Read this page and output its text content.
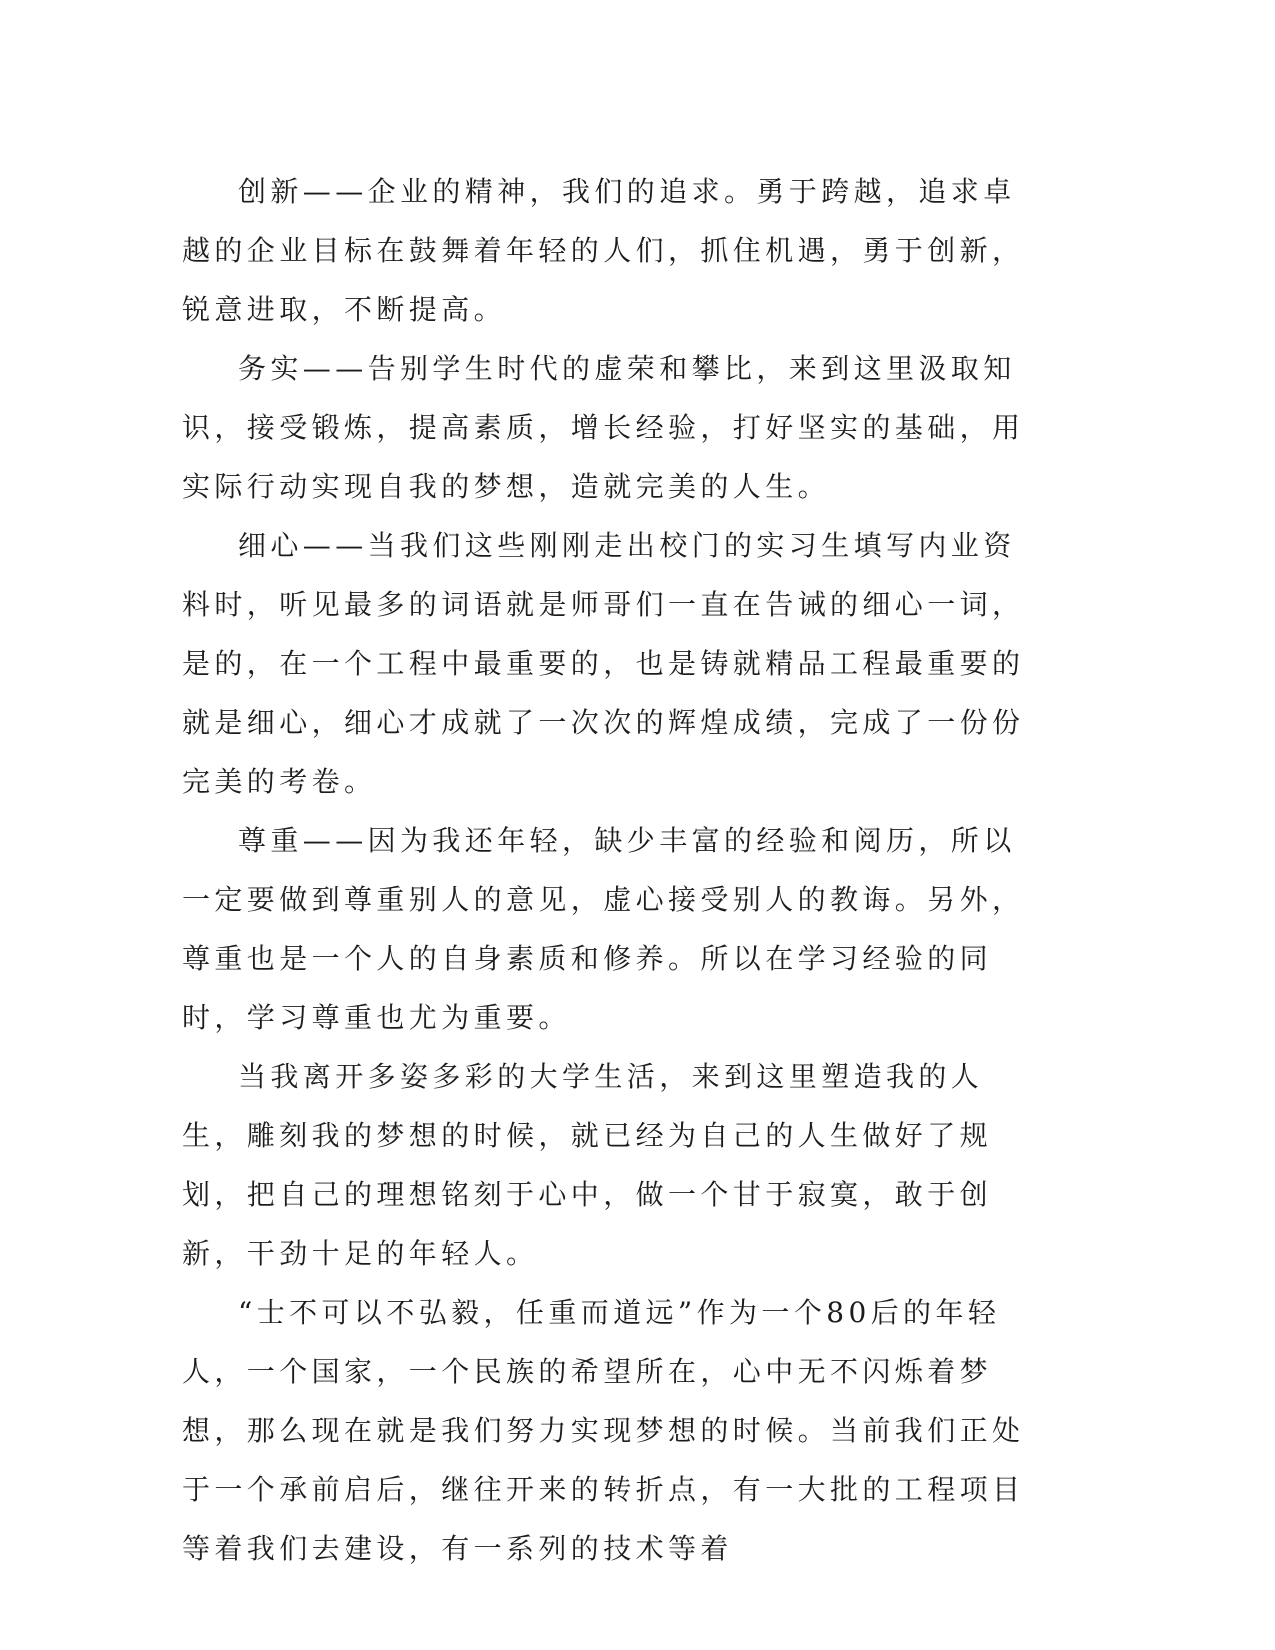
创新——企业的精神，我们的追求。勇于跨越，追求卓越的企业目标在鼓舞着年轻的人们，抓住机遇，勇于创新，锐意进取，不断提高。

务实——告别学生时代的虚荣和攀比，来到这里汲取知识，接受锻炼，提高素质，增长经验，打好坚实的基础，用实际行动实现自我的梦想，造就完美的人生。

细心——当我们这些刚刚走出校门的实习生填写内业资料时，听见最多的词语就是师哥们一直在告诫的细心一词，是的，在一个工程中最重要的，也是铸就精品工程最重要的就是细心，细心才成就了一次次的辉煌成绩，完成了一份份完美的考卷。

尊重——因为我还年轻，缺少丰富的经验和阅历，所以一定要做到尊重别人的意见，虚心接受别人的教诲。另外，尊重也是一个人的自身素质和修养。所以在学习经验的同时，学习尊重也尤为重要。

当我离开多姿多彩的大学生活，来到这里塑造我的人生，雕刻我的梦想的时候，就已经为自己的人生做好了规划，把自己的理想铭刻于心中，做一个甘于寂寞，敢于创新，干劲十足的年轻人。

“士不可以不弘毅，任重而道远”作为一个80后的年轻人，一个国家，一个民族的希望所在，心中无不闪烁着梦想，那么现在就是我们努力实现梦想的时候。当前我们正处于一个承前启后，继往开来的转折点，有一大批的工程项目等着我们去建设，有一系列的技术等着
